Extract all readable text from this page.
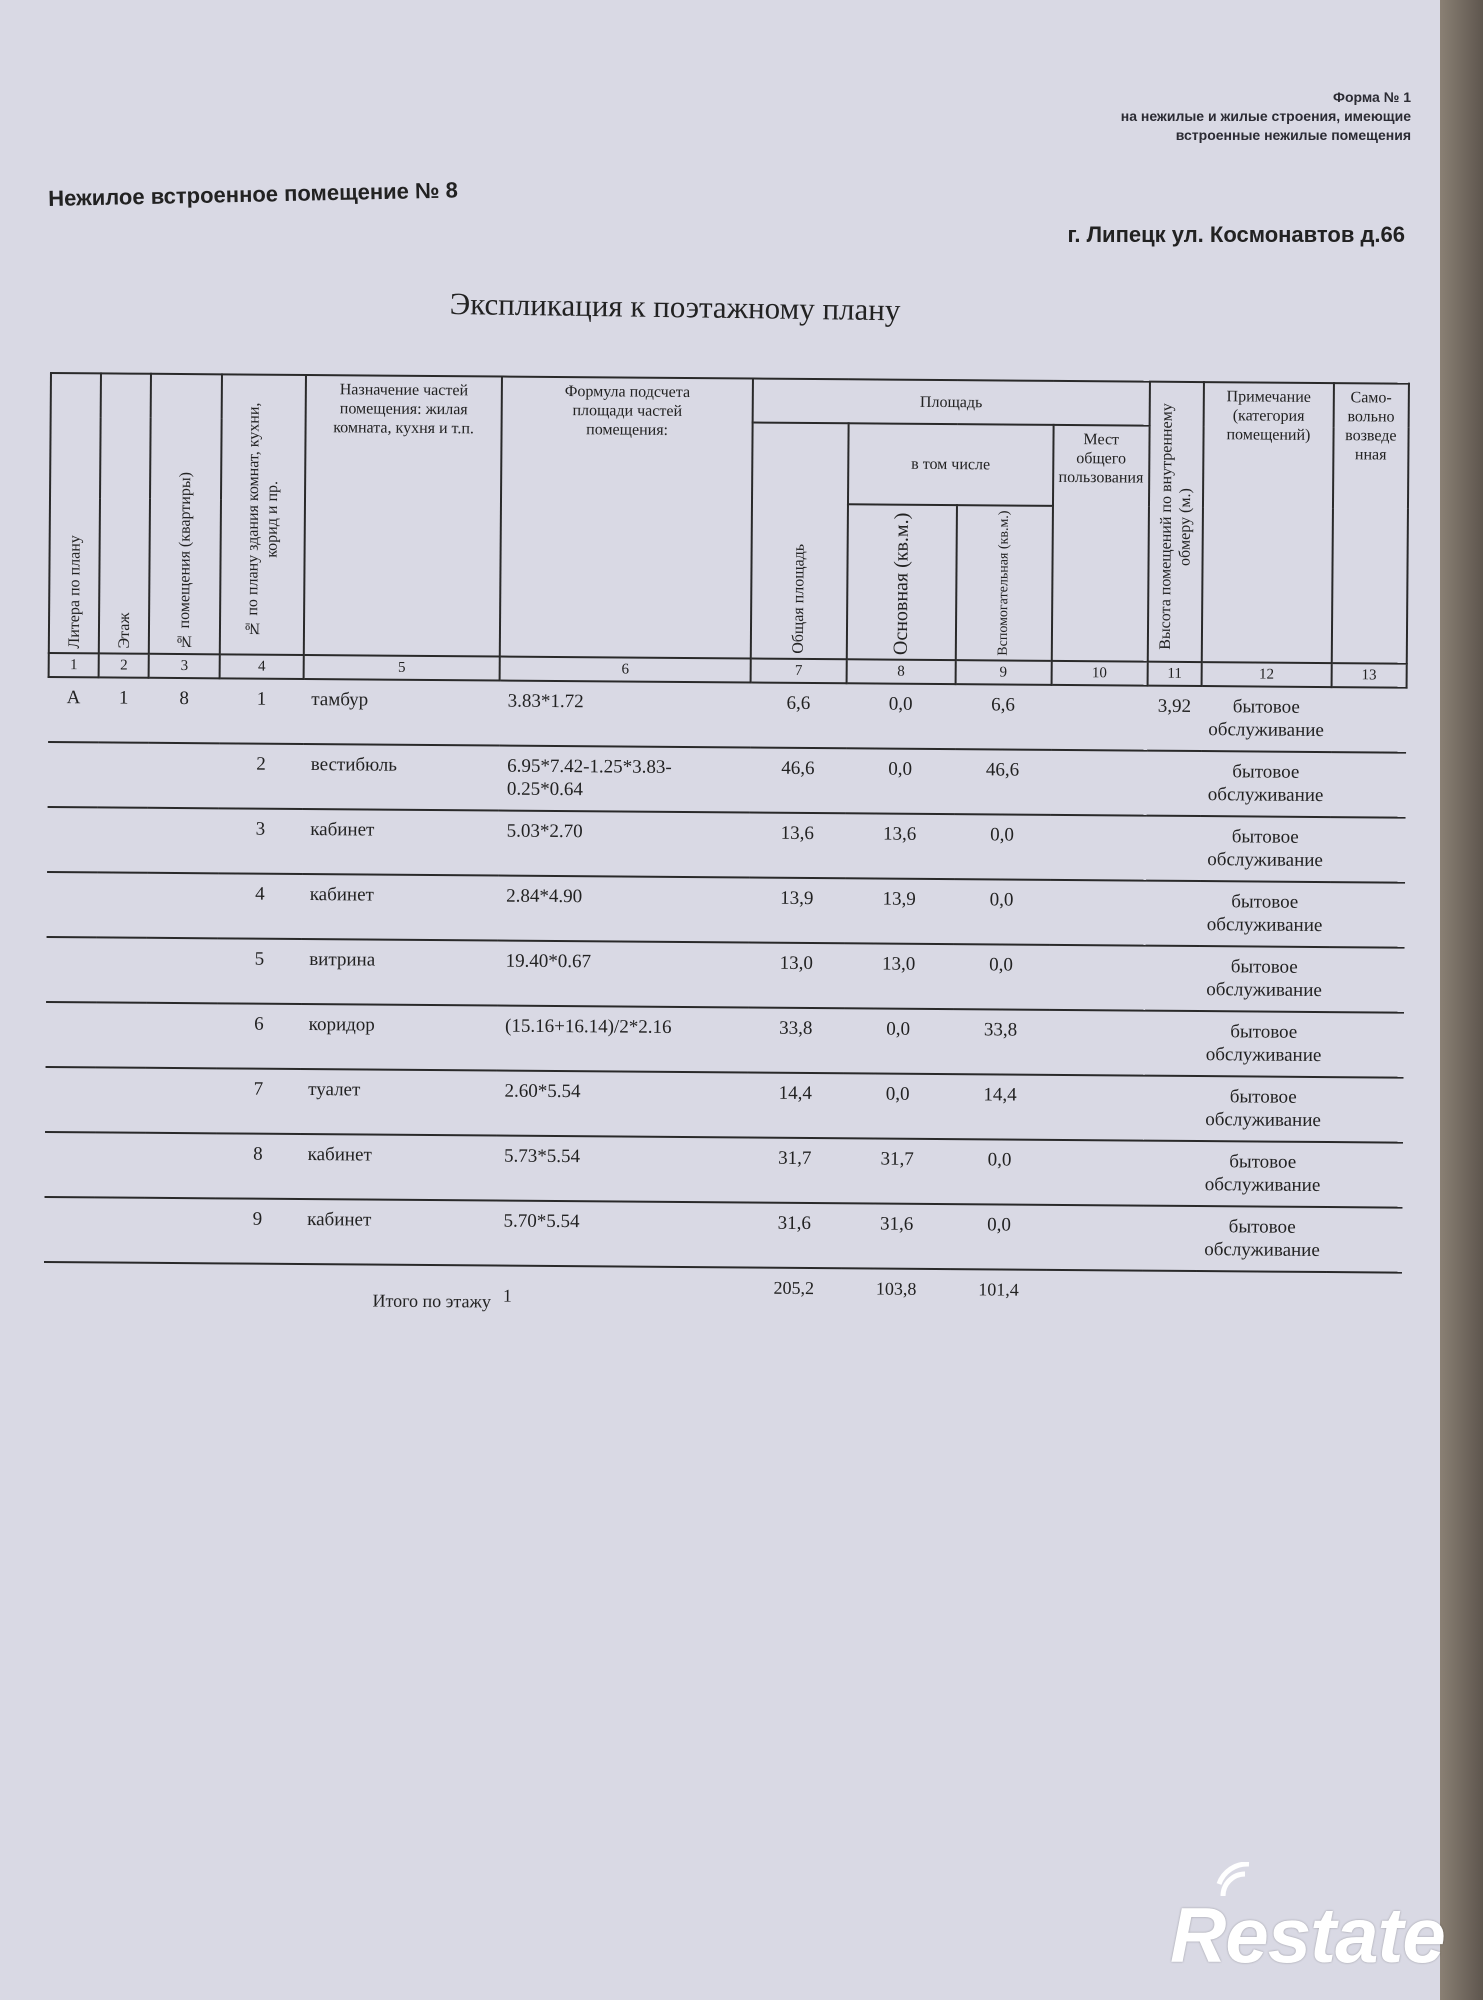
Форма № 1
на нежилые и жилые строения, имеющие
встроенные нежилые помещения
Нежилое встроенное помещение № 8
г. Липецк ул. Космонавтов д.66
Экспликация к поэтажному плану
Литера по плану	Этаж	№ помещения (квартиры)	№ по плану здания комнат, кухни, корид и пр.	Назначение частей помещения: жилая комната, кухня и т.п.	Формула подсчета площади частей помещения:	Площадь				Высота помещений по внутреннему обмеру (м.)	Примечание (категория помещений)	Само-вольно возведе нная

						Общая площадь	в том числе		Мест общего пользования			

							Основная (кв.м.)	Вспомогательная (кв.м.)				

1	2	3	4	5	6	7	8	9	10	11	12	13
А	1	8	1	тамбур	3.83*1.72	6,6	0,0	6,6		3,92	бытовое обслуживание	
			2	вестибюль	6.95*7.42-1.25*3.83-0.25*0.64	46,6	0,0	46,6			бытовое обслуживание	
			3	кабинет	5.03*2.70	13,6	13,6	0,0			бытовое обслуживание	
			4	кабинет	2.84*4.90	13,9	13,9	0,0			бытовое обслуживание	
			5	витрина	19.40*0.67	13,0	13,0	0,0			бытовое обслуживание	
			6	коридор	(15.16+16.14)/2*2.16	33,8	0,0	33,8			бытовое обслуживание	
			7	туалет	2.60*5.54	14,4	0,0	14,4			бытовое обслуживание	
			8	кабинет	5.73*5.54	31,7	31,7	0,0			бытовое обслуживание	
			9	кабинет	5.70*5.54	31,6	31,6	0,0			бытовое обслуживание	
Итого по этажу					1	205,2	103,8	101,4				
Restate
